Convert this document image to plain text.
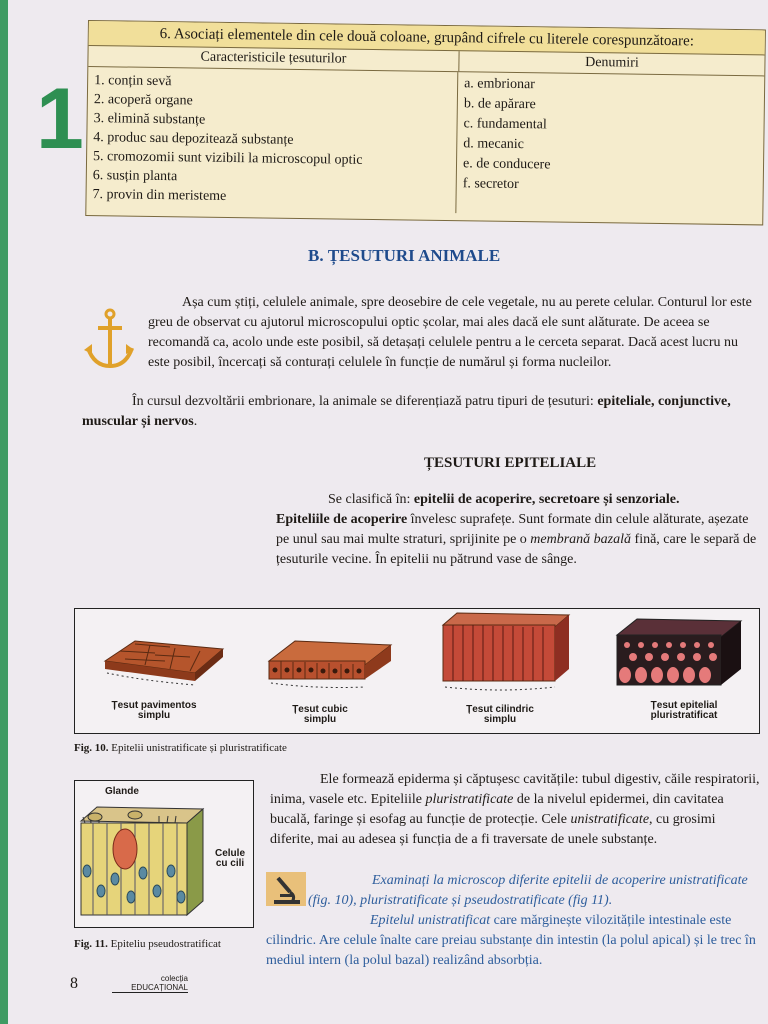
1
6. Asociați elementele din cele două coloane, grupând cifrele cu literele corespunzătoare:
Caracteristicile țesuturilor	Denumiri
1. conțin sevă
2. acoperă organe
3. elimină substanțe
4. produc sau depozitează substanțe
5. cromozomii sunt vizibili la microscopul optic
6. susțin planta
7. provin din meristeme
a. embrionar
b. de apărare
c. fundamental
d. mecanic
e. de conducere
f. secretor
B. ȚESUTURI ANIMALE
Așa cum știți, celulele animale, spre deosebire de cele vegetale, nu au perete celular. Conturul lor este greu de observat cu ajutorul microscopului optic școlar, mai ales dacă ele sunt alăturate. De aceea se recomandă ca, acolo unde este posibil, să detașați celulele pentru a le cerceta separat. Dacă acest lucru nu este posibil, încercați să conturați celulele în funcție de numărul și forma nucleilor.
În cursul dezvoltării embrionare, la animale se diferențiază patru tipuri de țesuturi: epiteliale, conjunctive, muscular și nervos.
ȚESUTURI EPITELIALE
Se clasifică în: epitelii de acoperire, secretoare și senzoriale.
Epiteliile de acoperire învelesc suprafețe. Sunt formate din celule alăturate, așezate pe unul sau mai multe straturi, sprijinite pe o membrană bazală fină, care le separă de țesuturile vecine. În epitelii nu pătrund vase de sânge.
Țesut pavimentos
simplu
Țesut cubic
simplu
Țesut cilindric
simplu
Țesut epitelial
pluristratificat
Fig. 10. Epitelii unistratificate și pluristratificate
Glande
Celule
cu cili
Fig. 11. Epiteliu pseudostratificat
Ele formează epiderma și căptușesc cavitățile: tubul digestiv, căile respiratorii, inima, vasele etc. Epiteliile pluristratificate de la nivelul epidermei, din cavitatea bucală, faringe și esofag au funcție de protecție. Cele unistratificate, cu grosimi diferite, mai au adesea și funcția de a fi traversate de unele substanțe.
Examinați la microscop diferite epitelii de acoperire unistratificate (fig. 10), pluristratificate și pseudostratificate (fig 11).
Epitelul unistratificat care mărginește vilozitățile intestinale este cilindric. Are celule înalte care preiau substanțe din intestin (la polul apical) și le trec în mediul intern (la polul bazal) realizând absorbția.
8	colecția
EDUCAȚIONAL
